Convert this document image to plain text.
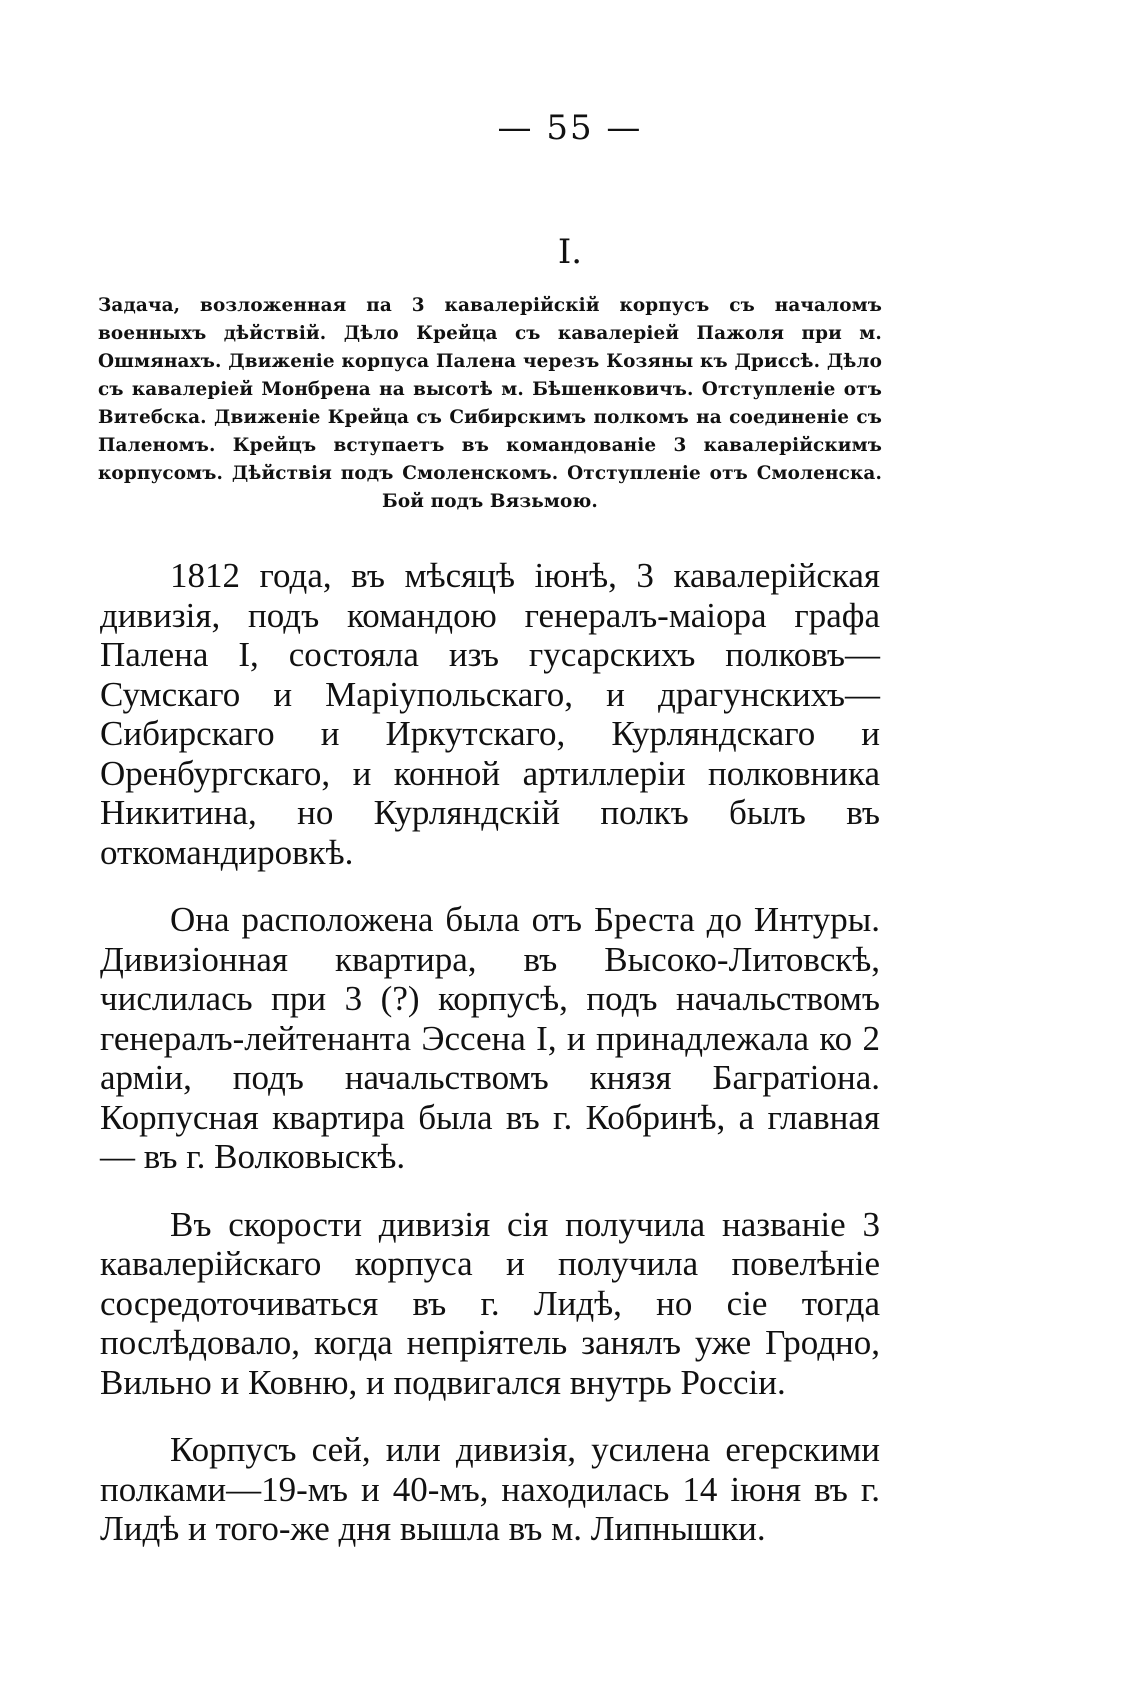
— 55 —
I.
Задача, возложенная па 3 кавалерійскій корпусъ съ началомъ военныхъ дѣйствій. Дѣло Крейца съ кавалеріей Пажоля при м. Ошмянахъ. Движеніе корпуса Палена черезъ Козяны къ Дриссѣ. Дѣло съ кавалеріей Монбрена на высотѣ м. Бѣшенковичъ. Отступленіе отъ Витебска. Движеніе Крейца съ Сибирскимъ полкомъ на соединеніе съ Паленомъ. Крейцъ вступаетъ въ командованіе 3 кавалерійскимъ корпусомъ. Дѣйствія подъ Смоленскомъ. Отступленіе отъ Смоленска. Бой подъ Вязьмою.

1812 года, въ мѣсяцѣ іюнѣ, 3 кавалерійская дивизія, подъ командою генералъ-маіора графа Палена I, состояла изъ гусарскихъ полковъ—Сумскаго и Маріупольскаго, и драгунскихъ—Сибирскаго и Иркутскаго, Курляндскаго и Оренбургскаго, и конной артиллеріи полковника Никитина, но Курляндскій полкъ былъ въ откомандировкѣ.

Она расположена была отъ Бреста до Интуры. Дивизіонная квартира, въ Высоко-Литовскѣ, числилась при 3 (?) корпусѣ, подъ начальствомъ генералъ-лейтенанта Эссена I, и принадлежала ко 2 арміи, подъ начальствомъ князя Багратіона. Корпусная квартира была въ г. Кобринѣ, а главная — въ г. Волковыскѣ.

Въ скорости дивизія сія получила названіе 3 кавалерійскаго корпуса и получила повелѣніе сосредоточиваться въ г. Лидѣ, но сіе тогда послѣдовало, когда непріятель занялъ уже Гродно, Вильно и Ковню, и подвигался внутрь Россіи.

Корпусъ сей, или дивизія, усилена егерскими полками—19-мъ и 40-мъ, находилась 14 іюня въ г. Лидѣ и того-же дня вышла въ м. Липнышки.
